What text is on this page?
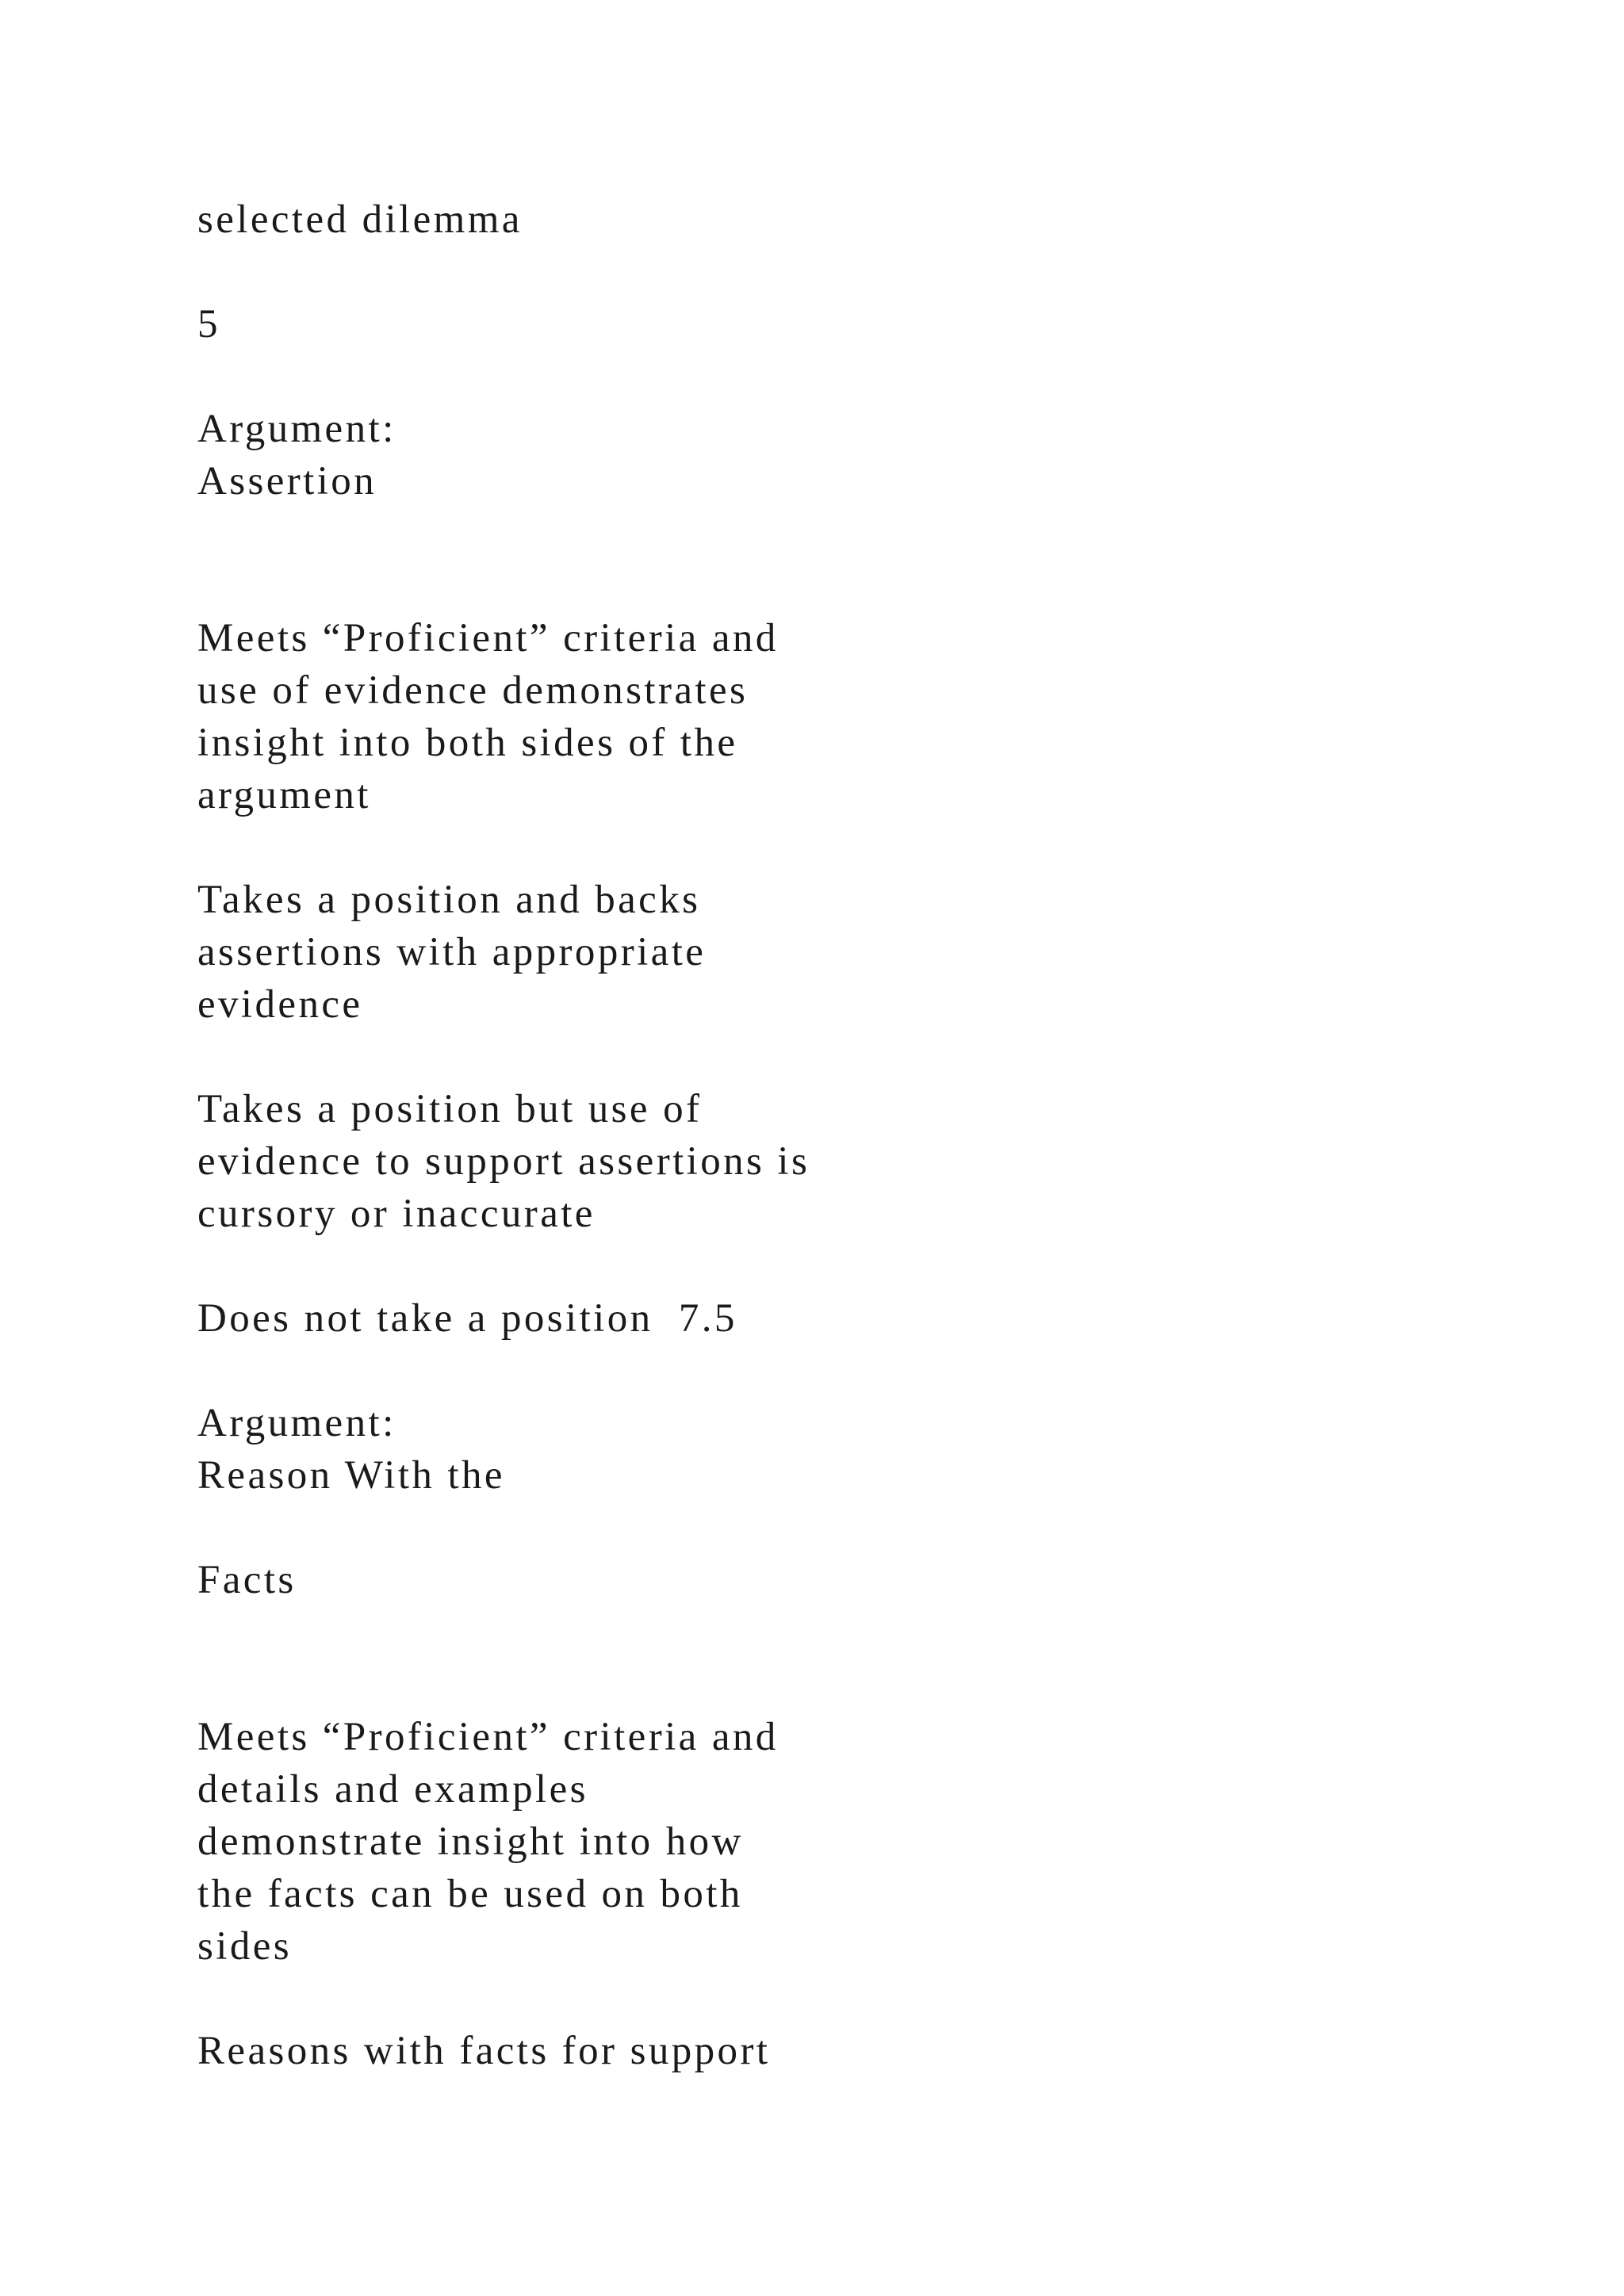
selected dilemma

5

Argument:

Assertion

Meets “Proficient” criteria and

use of evidence demonstrates

insight into both sides of the

argument

Takes a position and backs

assertions with appropriate

evidence

Takes a position but use of

evidence to support assertions is

cursory or inaccurate

Does not take a position  7.5

Argument:

Reason With the

Facts

Meets “Proficient” criteria and

details and examples

demonstrate insight into how

the facts can be used on both

sides

Reasons with facts for support
